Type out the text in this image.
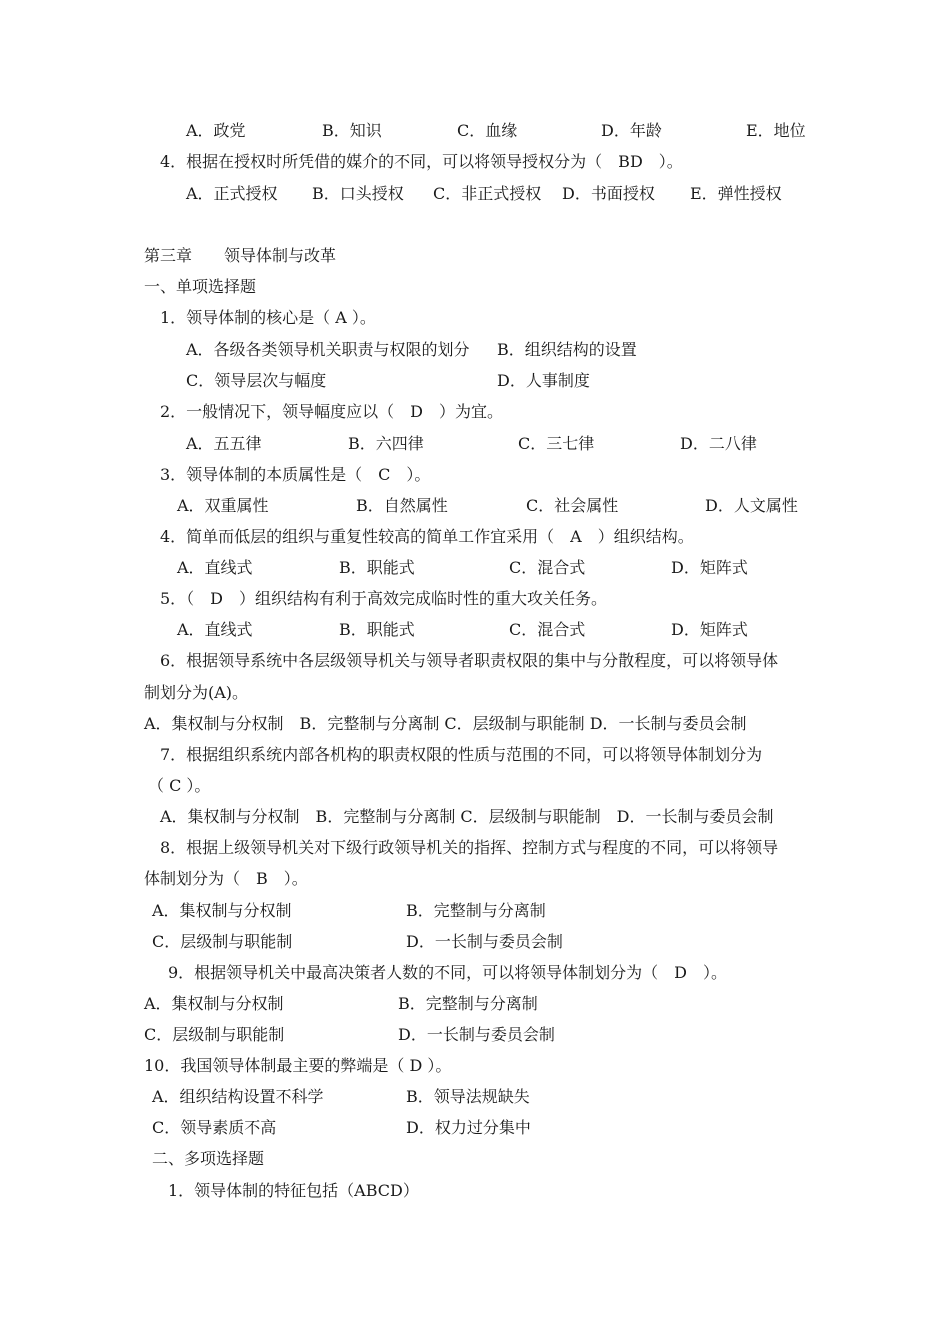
A．政党	B．知识	C．血缘	D．年龄	E．地位
4．根据在授权时所凭借的媒介的不同，可以将领导授权分为（　BD　）。
A．正式授权 B．口头授权 C．非正式授权 D．书面授权 E．弹性授权
第三章　　领导体制与改革
一、单项选择题
1．领导体制的核心是（ A ）。
A．各级各类领导机关职责与权限的划分 B．组织结构的设置
C．领导层次与幅度	D．人事制度
2．一般情况下，领导幅度应以（　D　）为宜。
A．五五律	B．六四律	C．三七律	D．二八律
3．领导体制的本质属性是（　C　）。
A．双重属性	B．自然属性	C．社会属性	D．人文属性
4．简单而低层的组织与重复性较高的简单工作宜采用（　A　）组织结构。
A．直线式	B．职能式	C．混合式	D．矩阵式
5．（　D　）组织结构有利于高效完成临时性的重大攻关任务。
A．直线式	B．职能式	C．混合式	D．矩阵式
6．根据领导系统中各层级领导机关与领导者职责权限的集中与分散程度，可以将领导体
制划分为(A)。
A．集权制与分权制　B．完整制与分离制 C．层级制与职能制 D．一长制与委员会制
7．根据组织系统内部各机构的职责权限的性质与范围的不同，可以将领导体制划分为
（ C ）。
A．集权制与分权制　B．完整制与分离制 C．层级制与职能制　D．一长制与委员会制
8．根据上级领导机关对下级行政领导机关的指挥、控制方式与程度的不同，可以将领导
体制划分为（　B　）。
A．集权制与分权制	B．完整制与分离制
C．层级制与职能制	D．一长制与委员会制
9．根据领导机关中最高决策者人数的不同，可以将领导体制划分为（　D　）。
A．集权制与分权制	B．完整制与分离制
C．层级制与职能制	D．一长制与委员会制
10．我国领导体制最主要的弊端是（ D ）。
A．组织结构设置不科学	B．领导法规缺失
C．领导素质不高	D．权力过分集中
二、多项选择题
1．领导体制的特征包括（ABCD）
